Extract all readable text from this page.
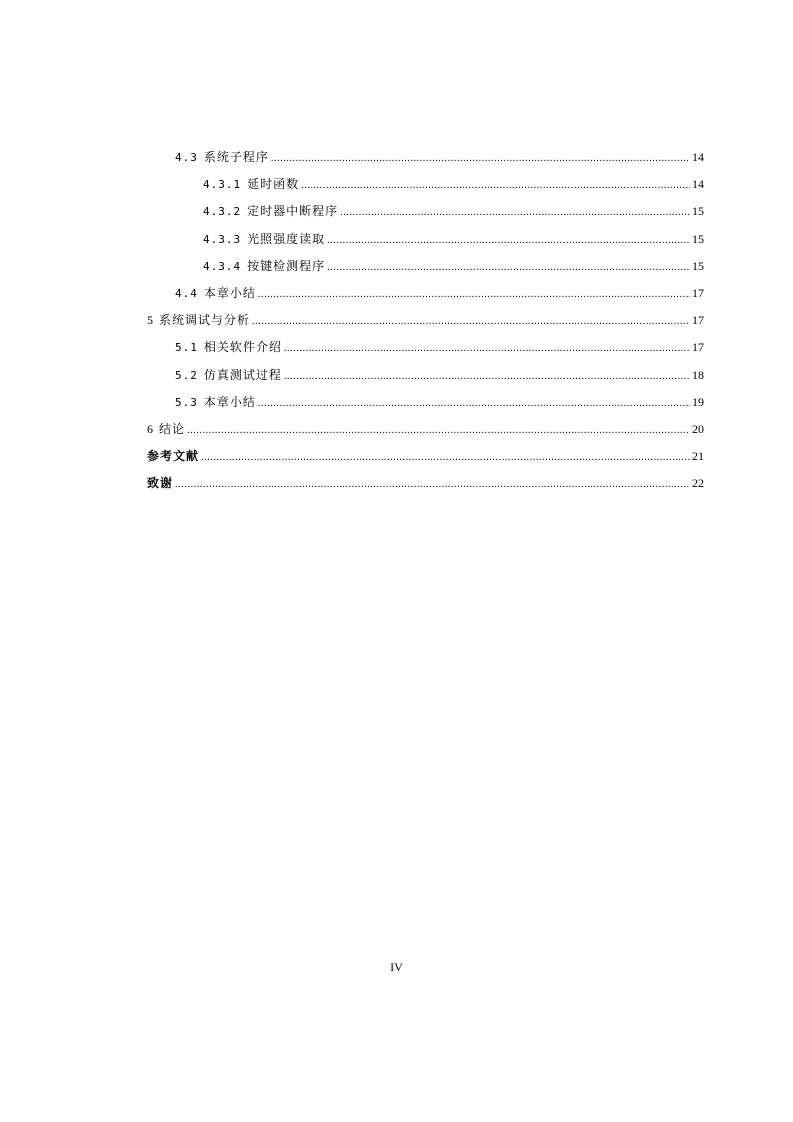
4.3 系统子程序 .....	14
4.3.1 延时函数 .....	14
4.3.2 定时器中断程序 .....	15
4.3.3 光照强度读取 .....	15
4.3.4 按键检测程序 .....	15
4.4 本章小结 .....	17
5 系统调试与分析 .....	17
5.1 相关软件介绍 .....	17
5.2 仿真测试过程 .....	18
5.3 本章小结 .....	19
6 结论 .....	20
参考文献 .....	21
致谢 .....	22
IV
